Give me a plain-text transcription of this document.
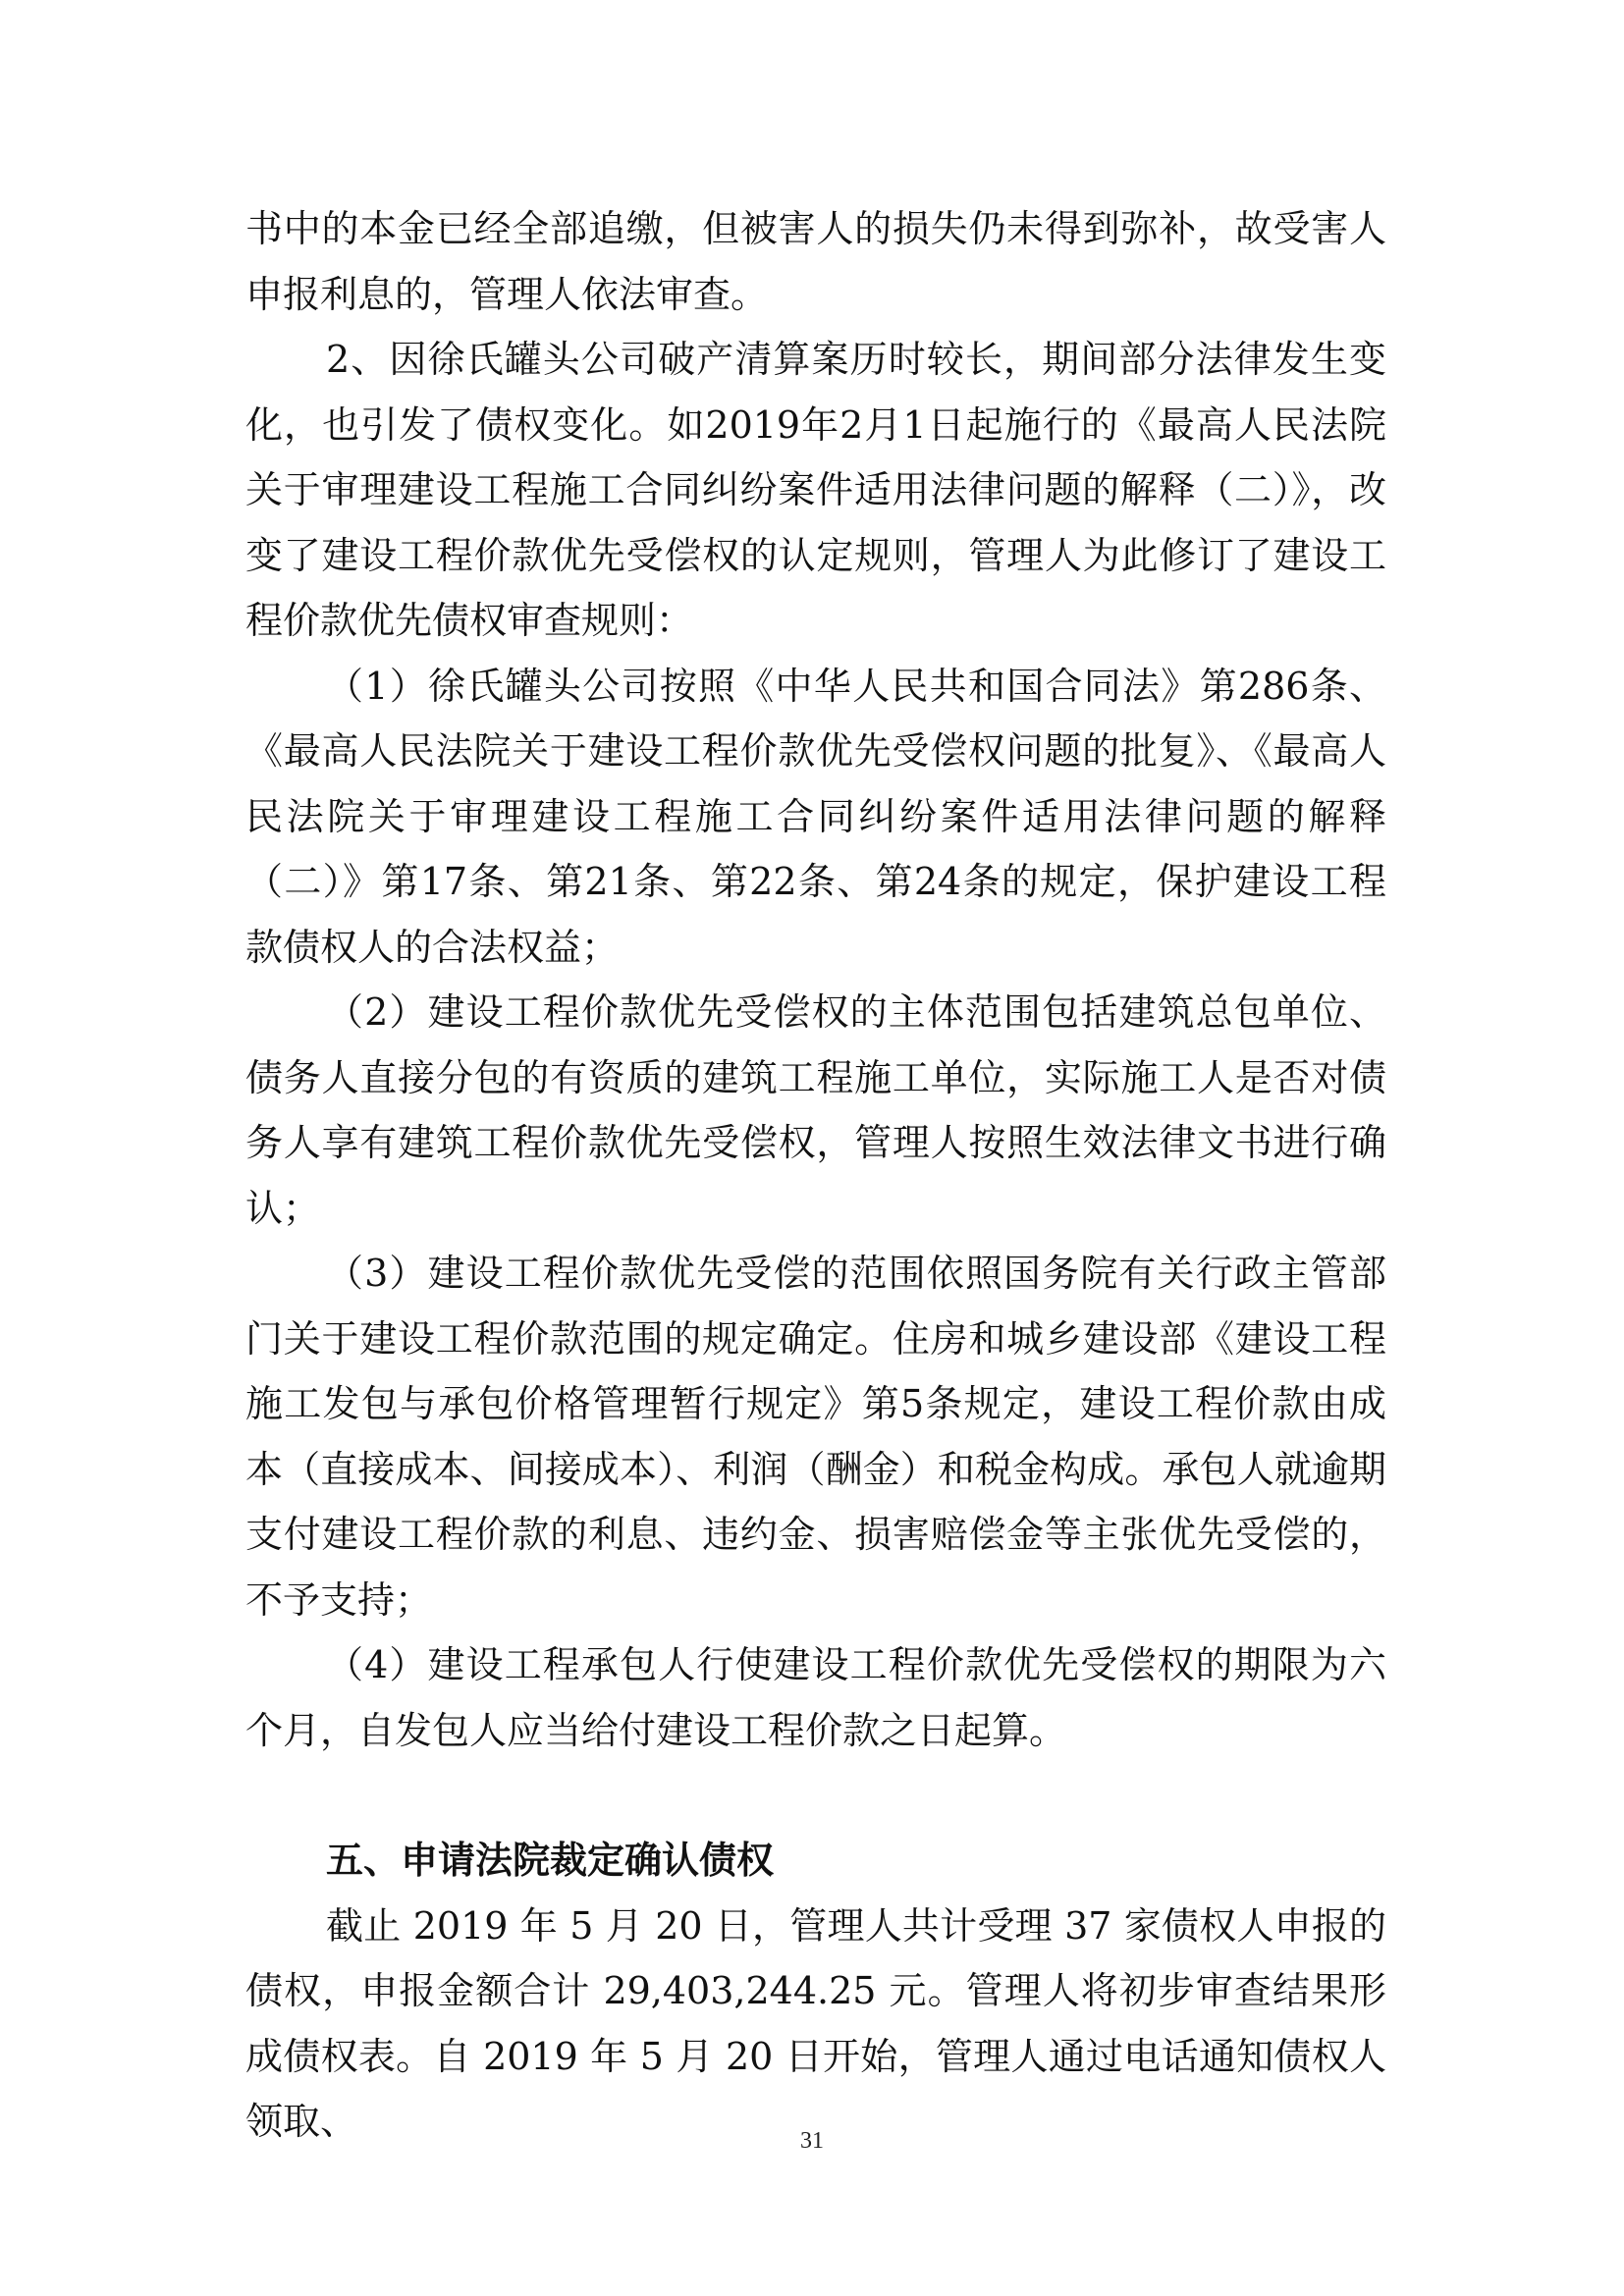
书中的本金已经全部追缴，但被害人的损失仍未得到弥补，故受害人申报利息的，管理人依法审查。

2、因徐氏罐头公司破产清算案历时较长，期间部分法律发生变化，也引发了债权变化。如2019年2月1日起施行的《最高人民法院关于审理建设工程施工合同纠纷案件适用法律问题的解释（二）》，改变了建设工程价款优先受偿权的认定规则，管理人为此修订了建设工程价款优先债权审查规则：

（1）徐氏罐头公司按照《中华人民共和国合同法》第286条、《最高人民法院关于建设工程价款优先受偿权问题的批复》、《最高人民法院关于审理建设工程施工合同纠纷案件适用法律问题的解释（二）》第17条、第21条、第22条、第24条的规定，保护建设工程款债权人的合法权益；

（2）建设工程价款优先受偿权的主体范围包括建筑总包单位、债务人直接分包的有资质的建筑工程施工单位，实际施工人是否对债务人享有建筑工程价款优先受偿权，管理人按照生效法律文书进行确认；

（3）建设工程价款优先受偿的范围依照国务院有关行政主管部门关于建设工程价款范围的规定确定。住房和城乡建设部《建设工程施工发包与承包价格管理暂行规定》第5条规定，建设工程价款由成本（直接成本、间接成本）、利润（酬金）和税金构成。承包人就逾期支付建设工程价款的利息、违约金、损害赔偿金等主张优先受偿的，不予支持；

（4）建设工程承包人行使建设工程价款优先受偿权的期限为六个月，自发包人应当给付建设工程价款之日起算。

五、申请法院裁定确认债权

截止 2019 年 5 月 20 日，管理人共计受理 37 家债权人申报的债权，申报金额合计 29,403,244.25 元。管理人将初步审查结果形成债权表。自 2019 年 5 月 20 日开始，管理人通过电话通知债权人领取、	31
